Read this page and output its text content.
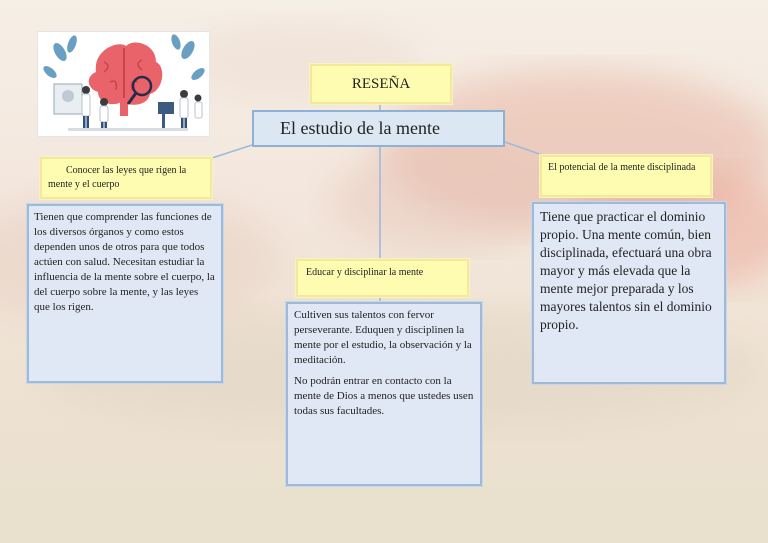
RESEÑA
El estudio de la mente
Conocer las leyes que rigen la mente y el cuerpo

Tienen que comprender las funciones de los diversos órganos y como estos dependen unos de otros para que todos actúen con salud. Necesitan estudiar la influencia de la mente sobre el cuerpo, la del cuerpo sobre la mente, y las leyes que los rigen.

Educar y disciplinar la mente

Cultiven sus talentos con fervor perseverante. Eduquen y disciplinen la mente por el estudio, la observación y la meditación.

No podrán entrar en contacto con la mente de Dios a menos que ustedes usen todas sus facultades.

El potencial de la mente disciplinada

Tiene que practicar el dominio propio. Una mente común, bien disciplinada, efectuará una obra mayor y más elevada que la mente mejor preparada y los mayores talentos sin el dominio propio.
